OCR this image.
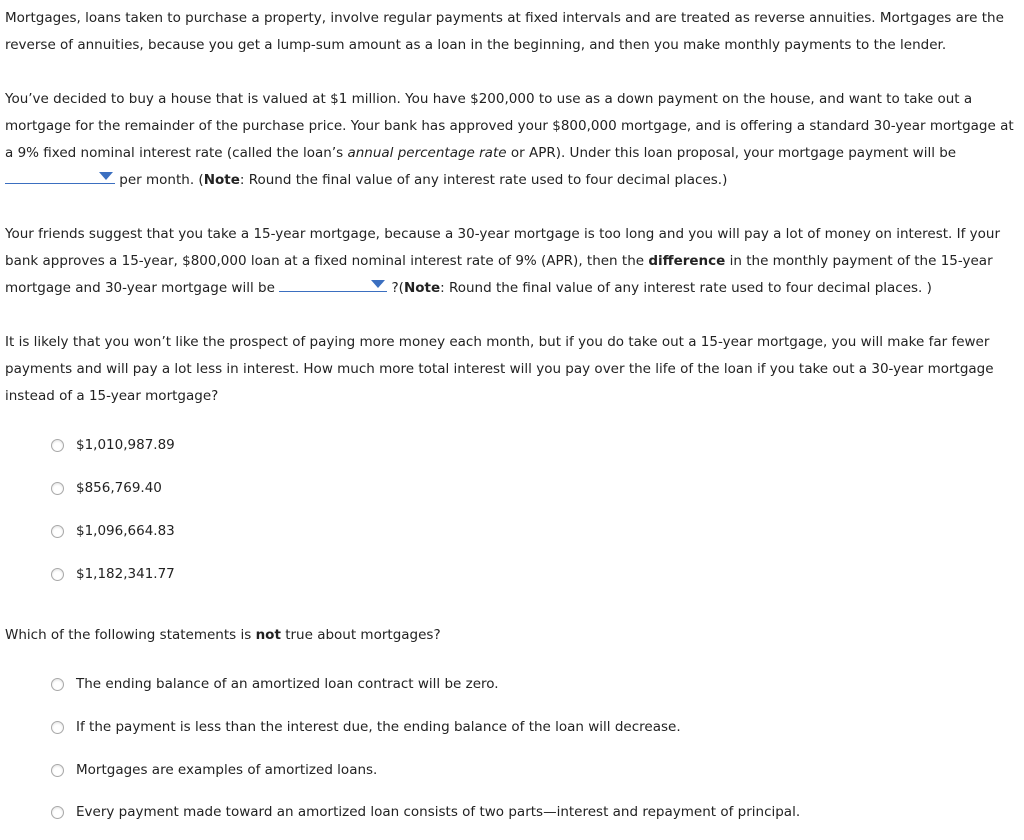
Mortgages, loans taken to purchase a property, involve regular payments at fixed intervals and are treated as reverse annuities. Mortgages are the reverse of annuities, because you get a lump-sum amount as a loan in the beginning, and then you make monthly payments to the lender.

You’ve decided to buy a house that is valued at $1 million. You have $200,000 to use as a down payment on the house, and want to take out a mortgage for the remainder of the purchase price. Your bank has approved your $800,000 mortgage, and is offering a standard 30-year mortgage at a 9% fixed nominal interest rate (called the loan’s annual percentage rate or APR). Under this loan proposal, your mortgage payment will be

per month. (Note: Round the final value of any interest rate used to four decimal places.)

Your friends suggest that you take a 15-year mortgage, because a 30-year mortgage is too long and you will pay a lot of money on interest. If your bank approves a 15-year, $800,000 loan at a fixed nominal interest rate of 9% (APR), then the difference in the monthly payment of the 15-year mortgage and 30-year mortgage will be	?(Note: Round the final value of any interest rate used to four decimal places. )

It is likely that you won’t like the prospect of paying more money each month, but if you do take out a 15-year mortgage, you will make far fewer payments and will pay a lot less in interest. How much more total interest will you pay over the life of the loan if you take out a 30-year mortgage instead of a 15-year mortgage?

$1,010,987.89
$856,769.40
$1,096,664.83
$1,182,341.77

Which of the following statements is not true about mortgages?

The ending balance of an amortized loan contract will be zero.
If the payment is less than the interest due, the ending balance of the loan will decrease.
Mortgages are examples of amortized loans.
Every payment made toward an amortized loan consists of two parts—interest and repayment of principal.
